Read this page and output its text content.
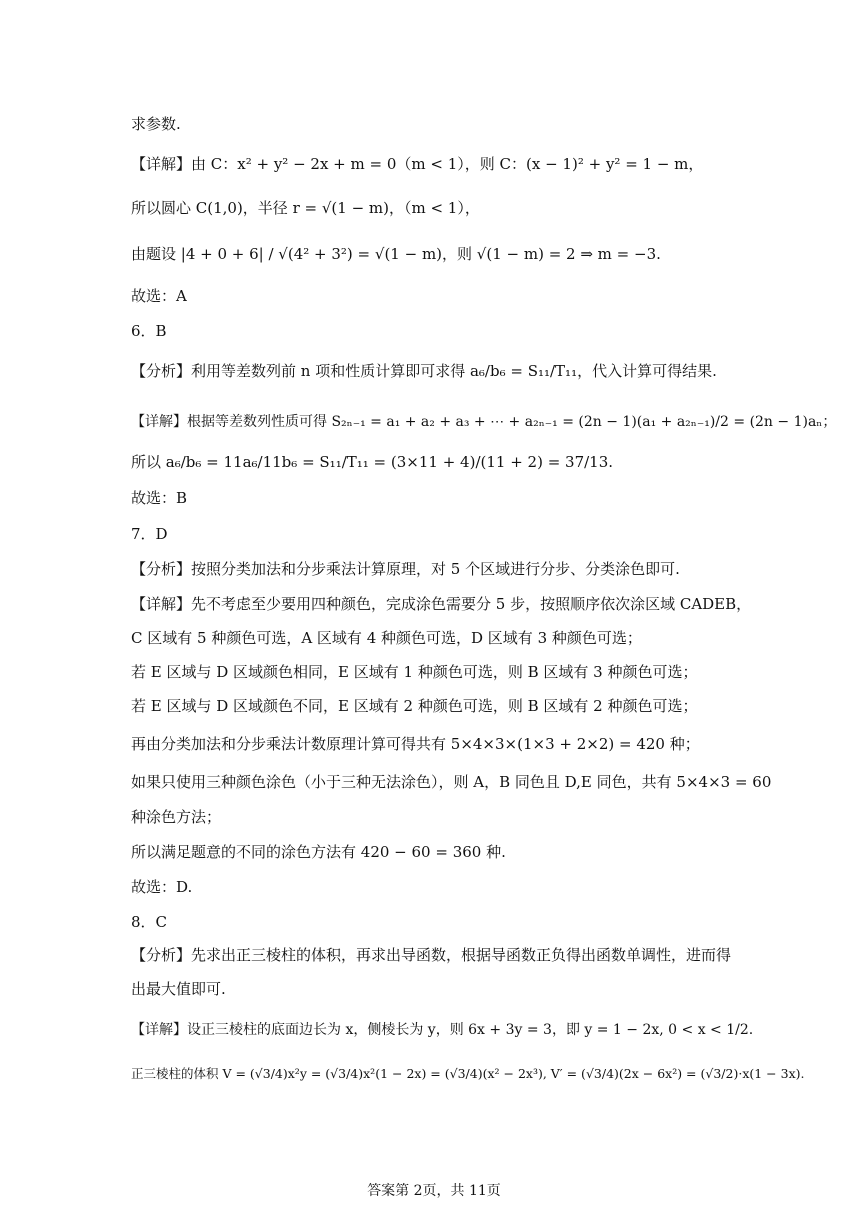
求参数.
【详解】由 C：x² + y² − 2x + m = 0（m < 1），则 C：(x − 1)² + y² = 1 − m，
所以圆心 C(1,0)，半径 r = √(1 − m)，（m < 1），
由题设 |4 + 0 + 6| / √(4² + 3²) = √(1 − m)，则 √(1 − m) = 2 ⇒ m = −3.
故选：A
6．B
【分析】利用等差数列前 n 项和性质计算即可求得 a₆/b₆ = S₁₁/T₁₁，代入计算可得结果.
【详解】根据等差数列性质可得 S₂ₙ₋₁ = a₁ + a₂ + a₃ + ⋯ + a₂ₙ₋₁ = (2n − 1)(a₁ + a₂ₙ₋₁)/2 = (2n − 1)aₙ；
所以 a₆/b₆ = 11a₆/11b₆ = S₁₁/T₁₁ = (3×11 + 4)/(11 + 2) = 37/13.
故选：B
7．D
【分析】按照分类加法和分步乘法计算原理，对 5 个区域进行分步、分类涂色即可.
【详解】先不考虑至少要用四种颜色，完成涂色需要分 5 步，按照顺序依次涂区域 CADEB，
C 区域有 5 种颜色可选，A 区域有 4 种颜色可选，D 区域有 3 种颜色可选；
若 E 区域与 D 区域颜色相同，E 区域有 1 种颜色可选，则 B 区域有 3 种颜色可选；
若 E 区域与 D 区域颜色不同，E 区域有 2 种颜色可选，则 B 区域有 2 种颜色可选；
再由分类加法和分步乘法计数原理计算可得共有 5×4×3×(1×3 + 2×2) = 420 种；
如果只使用三种颜色涂色（小于三种无法涂色），则 A，B 同色且 D,E 同色，共有 5×4×3 = 60
种涂色方法；
所以满足题意的不同的涂色方法有 420 − 60 = 360 种.
故选：D.
8．C
【分析】先求出正三棱柱的体积，再求出导函数，根据导函数正负得出函数单调性，进而得
出最大值即可.
【详解】设正三棱柱的底面边长为 x，侧棱长为 y，则 6x + 3y = 3，即 y = 1 − 2x, 0 < x < 1/2.
正三棱柱的体积 V = (√3/4)x²y = (√3/4)x²(1 − 2x) = (√3/4)(x² − 2x³), V′ = (√3/4)(2x − 6x²) = (√3/2)·x(1 − 3x).
答案第 2页，共 11页
